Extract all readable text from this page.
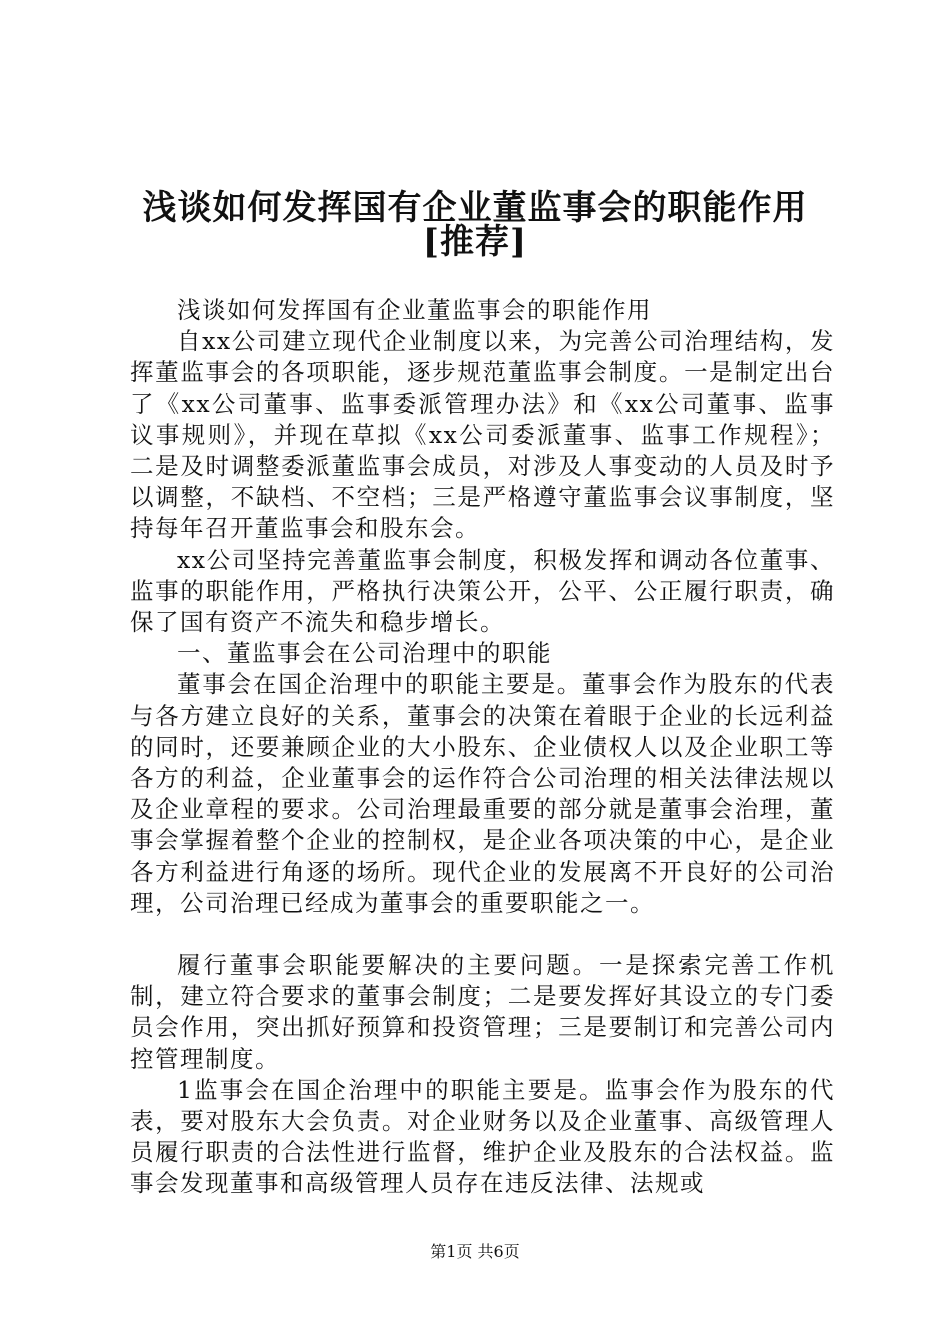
浅谈如何发挥国有企业董监事会的职能作用
[推荐]

浅谈如何发挥国有企业董监事会的职能作用

自xx公司建立现代企业制度以来，为完善公司治理结构，发挥董监事会的各项职能，逐步规范董监事会制度。一是制定出台了《xx公司董事、监事委派管理办法》和《xx公司董事、监事议事规则》，并现在草拟《xx公司委派董事、监事工作规程》；二是及时调整委派董监事会成员，对涉及人事变动的人员及时予以调整，不缺档、不空档；三是严格遵守董监事会议事制度，坚持每年召开董监事会和股东会。

xx公司坚持完善董监事会制度，积极发挥和调动各位董事、监事的职能作用，严格执行决策公开，公平、公正履行职责，确保了国有资产不流失和稳步增长。

一、董监事会在公司治理中的职能

董事会在国企治理中的职能主要是。董事会作为股东的代表与各方建立良好的关系，董事会的决策在着眼于企业的长远利益的同时，还要兼顾企业的大小股东、企业债权人以及企业职工等各方的利益，企业董事会的运作符合公司治理的相关法律法规以及企业章程的要求。公司治理最重要的部分就是董事会治理，董事会掌握着整个企业的控制权，是企业各项决策的中心，是企业各方利益进行角逐的场所。现代企业的发展离不开良好的公司治理，公司治理已经成为董事会的重要职能之一。

履行董事会职能要解决的主要问题。一是探索完善工作机制，建立符合要求的董事会制度；二是要发挥好其设立的专门委员会作用，突出抓好预算和投资管理；三是要制订和完善公司内控管理制度。

1监事会在国企治理中的职能主要是。监事会作为股东的代表，要对股东大会负责。对企业财务以及企业董事、高级管理人员履行职责的合法性进行监督，维护企业及股东的合法权益。监事会发现董事和高级管理人员存在违反法律、法规或

第1页 共6页
